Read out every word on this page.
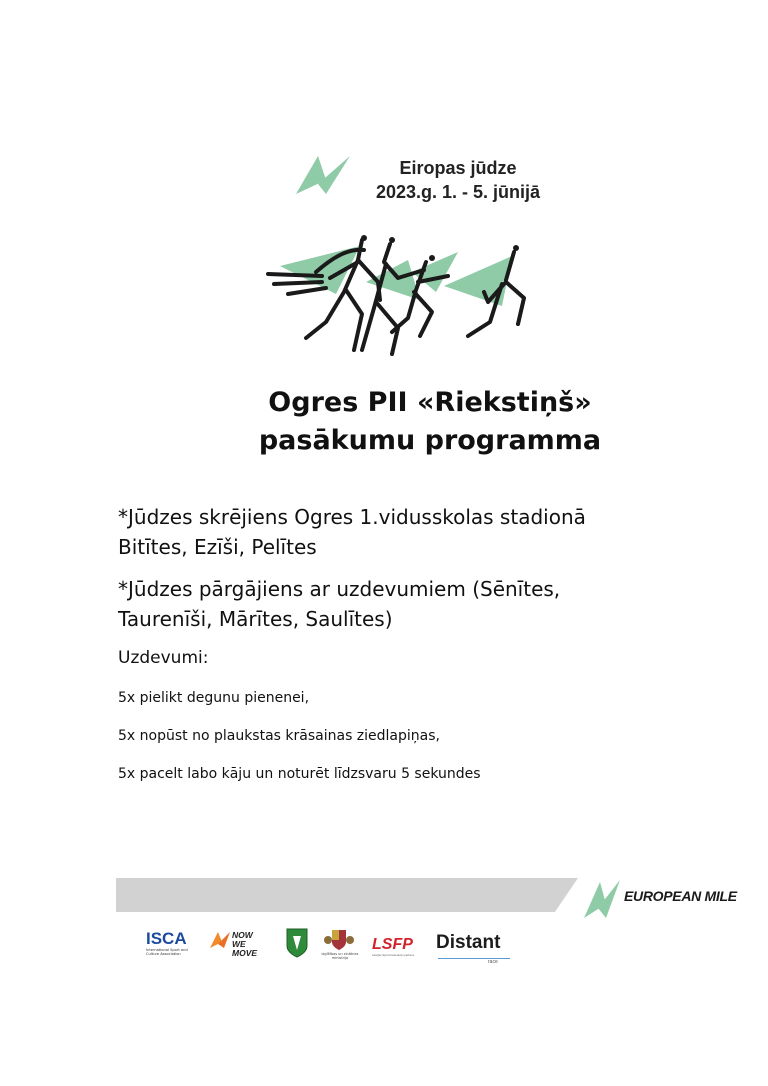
Eiropas jūdze
2023.g. 1. - 5. jūnijā
Ogres PII «Riekstiņš»
pasākumu programma

*Jūdzes skrējiens Ogres 1.vidusskolas stadionā
Bitītes, Ezīši, Pelītes

*Jūdzes pārgājiens ar uzdevumiem (Sēnītes,
Taurenīši, Mārītes, Saulītes)

Uzdevumi:

5x pielikt degunu pienenei,

5x nopūst no plaukstas krāsainas ziedlapiņas,

5x pacelt labo kāju un noturēt līdzsvaru 5 sekundes

EUROPEAN MILE
ISCA
International Sport and Culture Association
NOW
WE MOVE	Izglītības un zinātnes ministrija
LSFP
Latvijas Sporta federāciju padome
Distant
race
